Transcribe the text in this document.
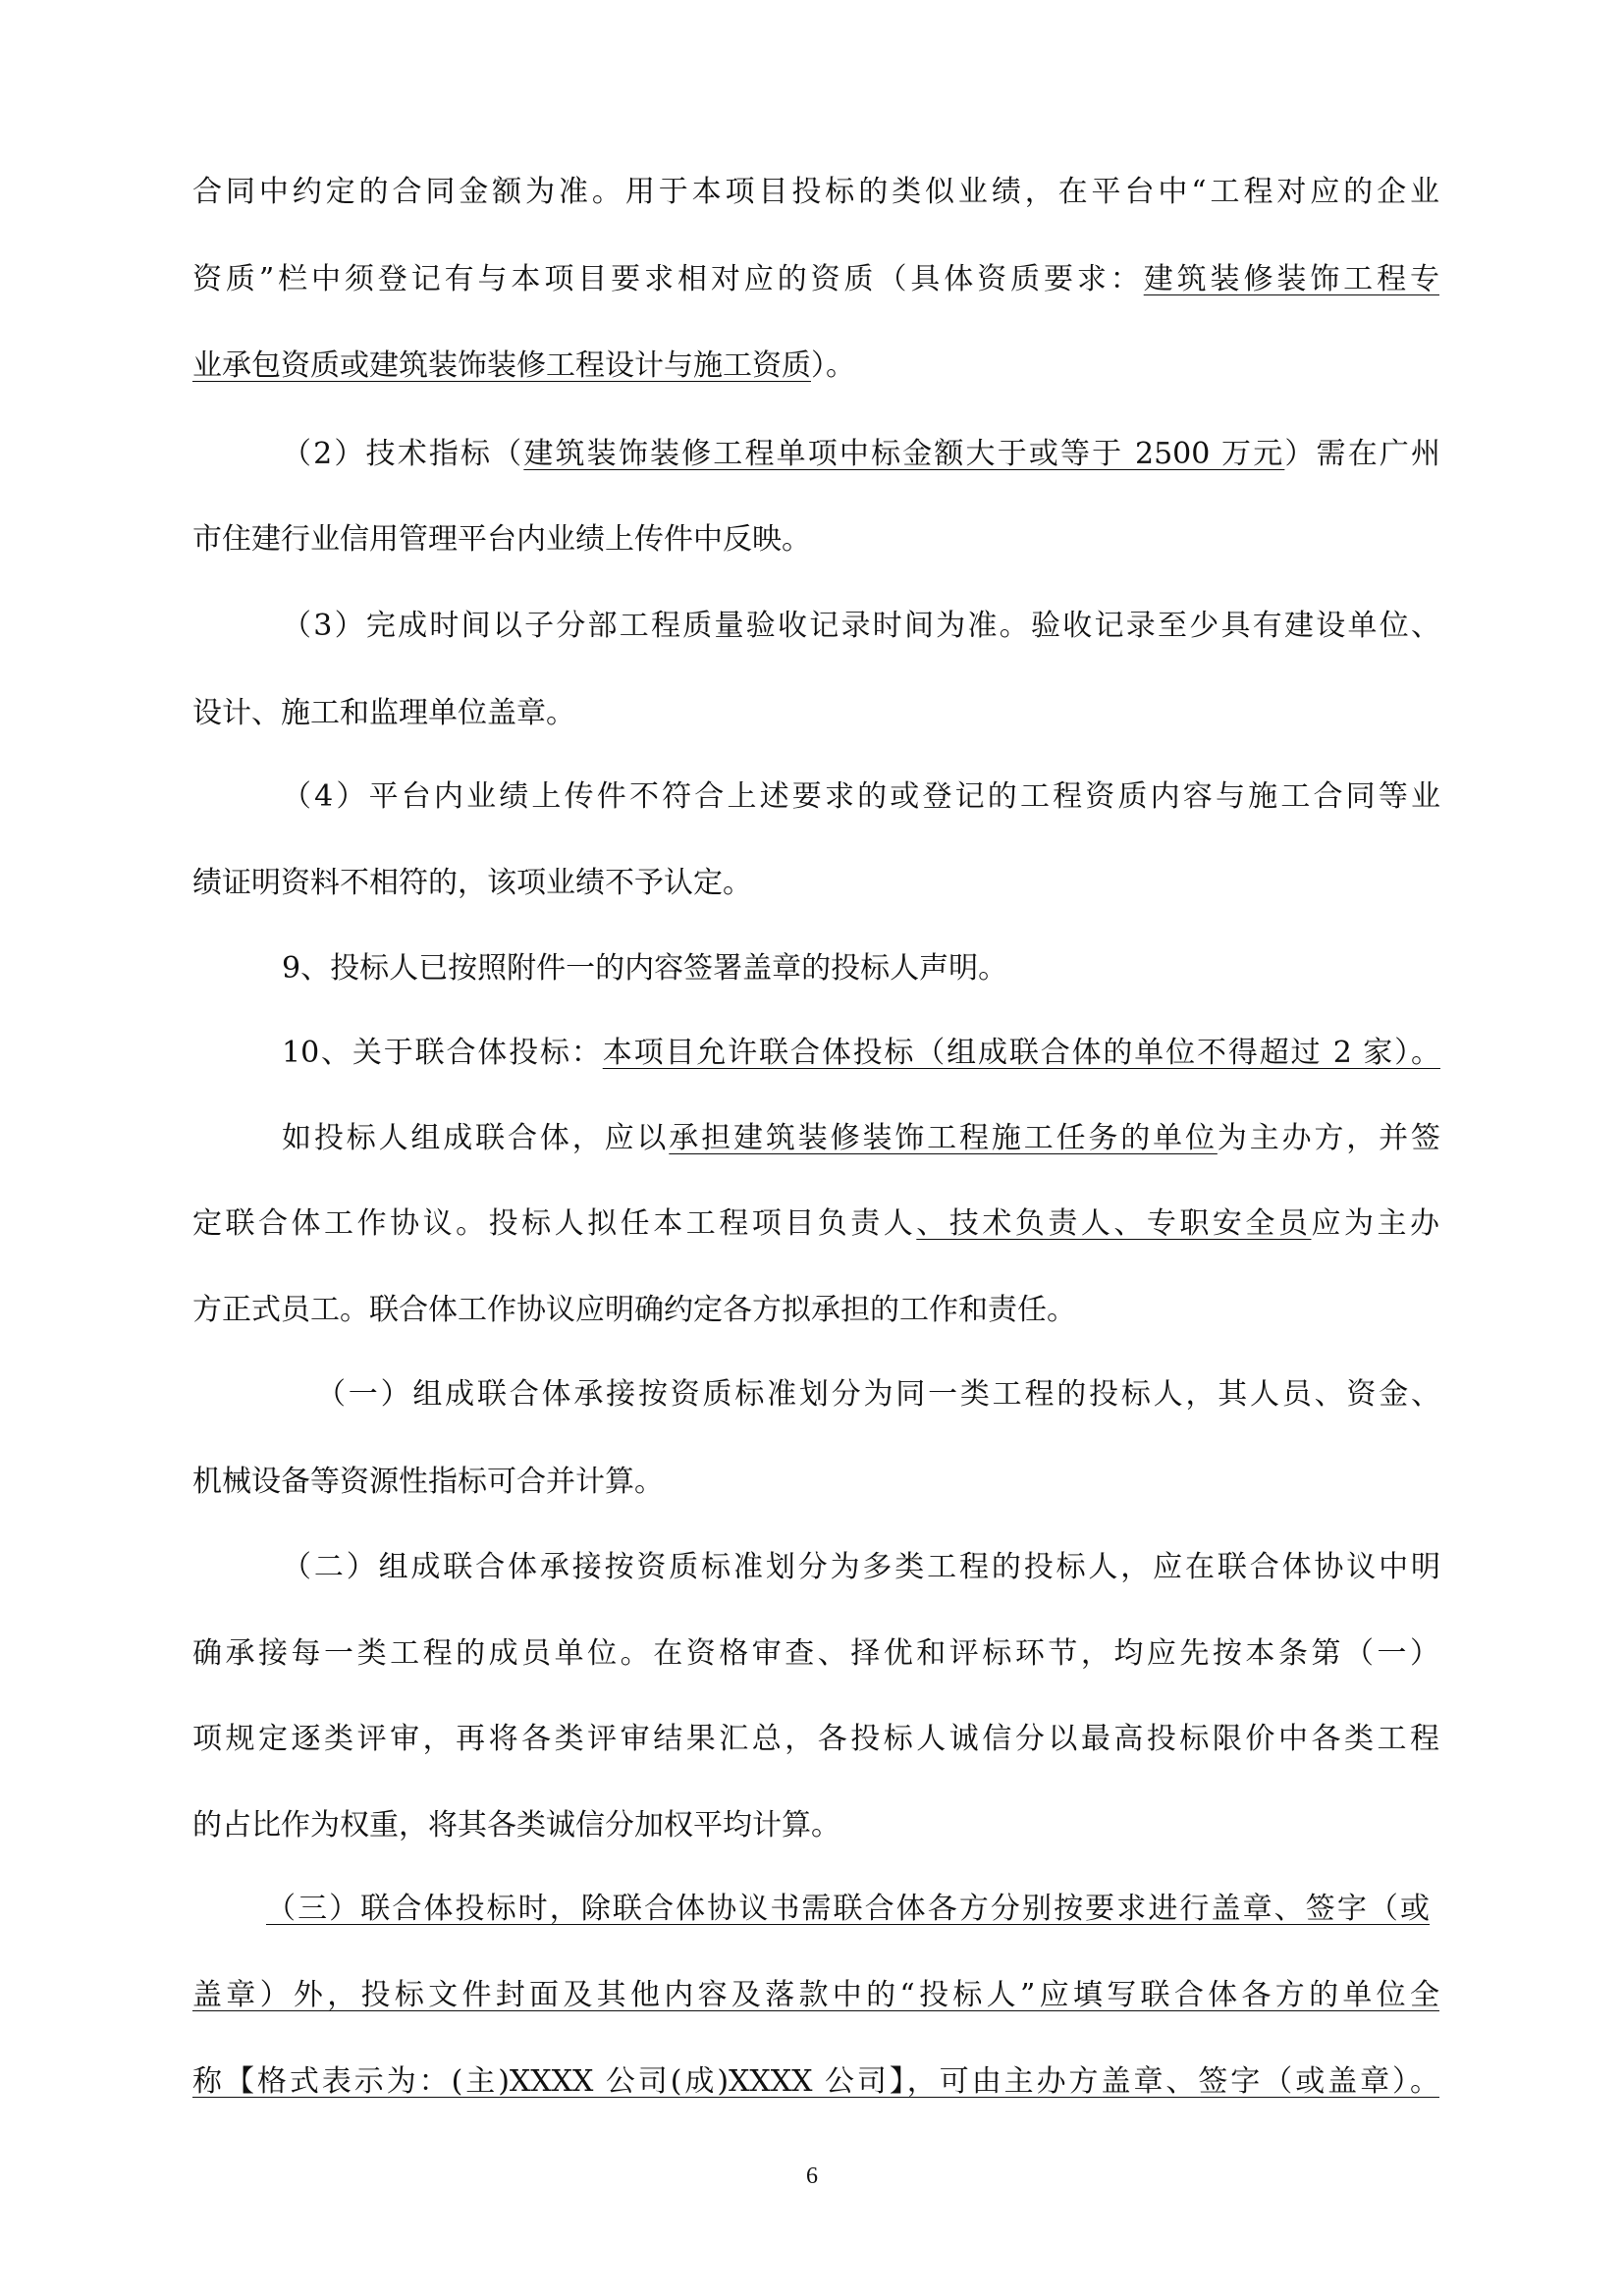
合同中约定的合同金额为准。用于本项目投标的类似业绩，在平台中“工程对应的企业
资质”栏中须登记有与本项目要求相对应的资质（具体资质要求：建筑装修装饰工程专
业承包资质或建筑装饰装修工程设计与施工资质）。
（2）技术指标（建筑装饰装修工程单项中标金额大于或等于 2500 万元）需在广州
市住建行业信用管理平台内业绩上传件中反映。
（3）完成时间以子分部工程质量验收记录时间为准。验收记录至少具有建设单位、
设计、施工和监理单位盖章。
（4）平台内业绩上传件不符合上述要求的或登记的工程资质内容与施工合同等业
绩证明资料不相符的，该项业绩不予认定。
9、投标人已按照附件一的内容签署盖章的投标人声明。
10、关于联合体投标：本项目允许联合体投标（组成联合体的单位不得超过 2 家）。
如投标人组成联合体，应以承担建筑装修装饰工程施工任务的单位为主办方，并签
定联合体工作协议。投标人拟任本工程项目负责人、技术负责人、专职安全员应为主办
方正式员工。联合体工作协议应明确约定各方拟承担的工作和责任。
（一）组成联合体承接按资质标准划分为同一类工程的投标人，其人员、资金、
机械设备等资源性指标可合并计算。
（二）组成联合体承接按资质标准划分为多类工程的投标人，应在联合体协议中明
确承接每一类工程的成员单位。在资格审查、择优和评标环节，均应先按本条第（一）
项规定逐类评审，再将各类评审结果汇总，各投标人诚信分以最高投标限价中各类工程
的占比作为权重，将其各类诚信分加权平均计算。
（三）联合体投标时，除联合体协议书需联合体各方分别按要求进行盖章、签字（或
盖章）外，投标文件封面及其他内容及落款中的“投标人”应填写联合体各方的单位全
称【格式表示为：(主)XXXX 公司(成)XXXX 公司】，可由主办方盖章、签字（或盖章）。
6
